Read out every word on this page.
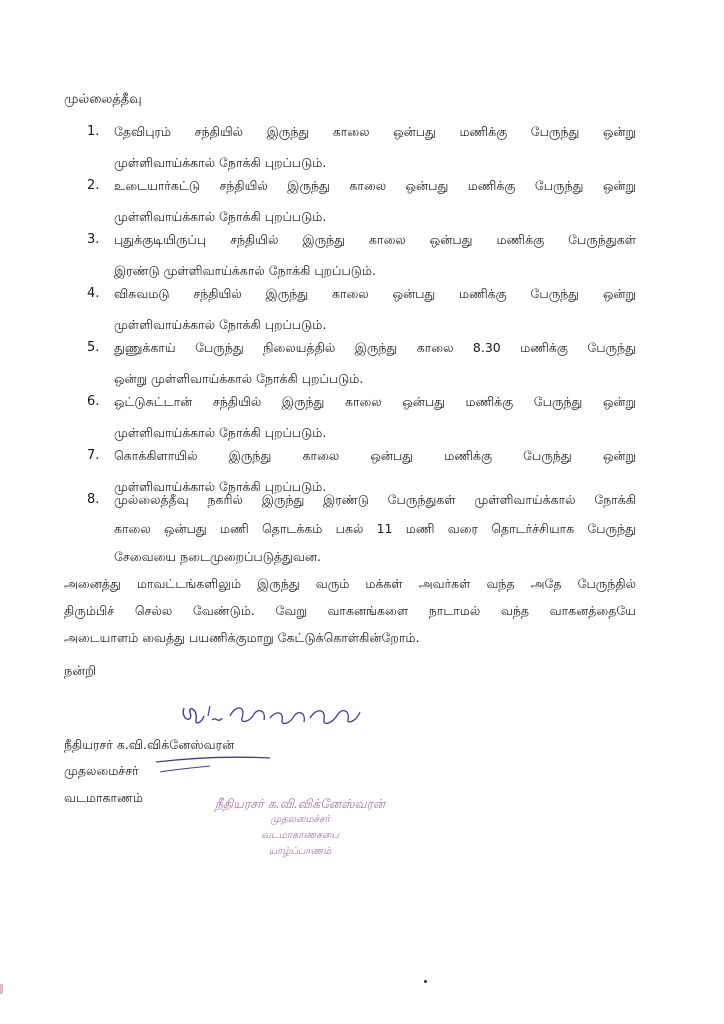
முல்லைத்தீவு
1. தேவிபுரம் சந்தியில் இருந்து காலை ஒன்பது மணிக்கு பேருந்து ஒன்று
முள்ளிவாய்க்கால் நோக்கி புறப்படும்.
2. உடையார்கட்டு சந்தியில் இருந்து காலை ஒன்பது மணிக்கு பேருந்து ஒன்று
முள்ளிவாய்க்கால் நோக்கி புறப்படும்.
3. புதுக்குடியிருப்பு சந்தியில் இருந்து காலை ஒன்பது மணிக்கு பேருந்துகள்
இரண்டு முள்ளிவாய்க்கால் நோக்கி புறப்படும்.
4. விசுவமடு சந்தியில் இருந்து காலை ஒன்பது மணிக்கு பேருந்து ஒன்று
முள்ளிவாய்க்கால் நோக்கி புறப்படும்.
5. துணுக்காய் பேருந்து நிலையத்தில் இருந்து காலை 8.30 மணிக்கு பேருந்து
ஒன்று முள்ளிவாய்க்கால் நோக்கி புறப்படும்.
6. ஒட்டுசுட்டான் சந்தியில் இருந்து காலை ஒன்பது மணிக்கு பேருந்து ஒன்று
முள்ளிவாய்க்கால் நோக்கி புறப்படும்.
7. கொக்கிளாயில் இருந்து காலை ஒன்பது மணிக்கு பேருந்து ஒன்று
முள்ளிவாய்க்கால் நோக்கி புறப்படும்.
8. முல்லைத்தீவு நகரில் இருந்து இரண்டு பேருந்துகள் முள்ளிவாய்க்கால் நோக்கி
காலை ஒன்பது மணி தொடக்கம் பகல் 11 மணி வரை தொடர்ச்சியாக பேருந்து
சேவையை நடைமுறைப்படுத்துவன.
அனைத்து மாவட்டங்களிலும் இருந்து வரும் மக்கள் அவர்கள் வந்த அதே பேருந்தில்
திரும்பிச் செல்ல வேண்டும். வேறு வாகனங்களை நாடாமல் வந்த வாகனத்தையே
அடையாளம் வைத்து பயணிக்குமாறு கேட்டுக்கொள்கின்றோம்.
நன்றி
நீதியரசர் க.வி.விக்னேஸ்வரன்
முதலமைச்சர்
வடமாகாணம்	நீதியரசர் க.வி.விக்னேஸ்வரன்
முதலமைச்சர்
வடமாகாணசபை
யாழ்ப்பாணம்
